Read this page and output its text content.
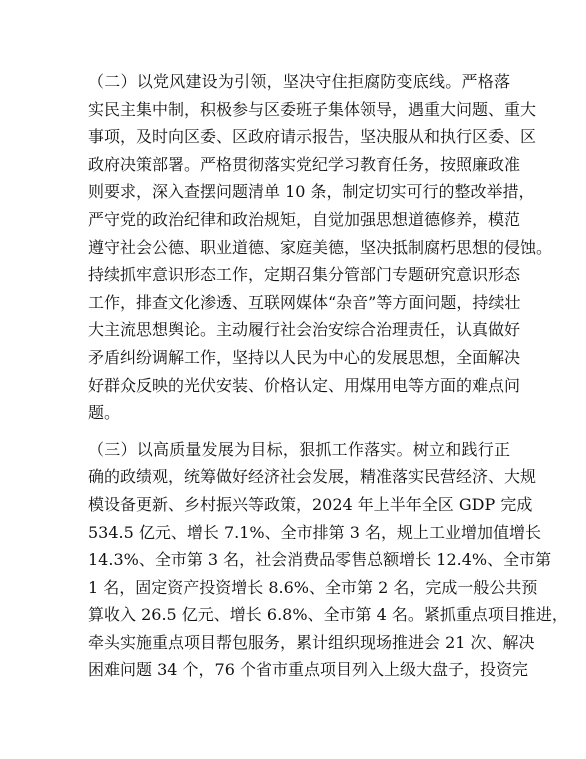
（二）以党风建设为引领，坚决守住拒腐防变底线。严格落
实民主集中制，积极参与区委班子集体领导，遇重大问题、重大
事项，及时向区委、区政府请示报告，坚决服从和执行区委、区
政府决策部署。严格贯彻落实党纪学习教育任务，按照廉政准
则要求，深入查摆问题清单 10 条，制定切实可行的整改举措，
严守党的政治纪律和政治规矩，自觉加强思想道德修养，模范
遵守社会公德、职业道德、家庭美德，坚决抵制腐朽思想的侵蚀。
持续抓牢意识形态工作，定期召集分管部门专题研究意识形态
工作，排查文化渗透、互联网媒体“杂音”等方面问题，持续壮
大主流思想舆论。主动履行社会治安综合治理责任，认真做好
矛盾纠纷调解工作，坚持以人民为中心的发展思想，全面解决
好群众反映的光伏安装、价格认定、用煤用电等方面的难点问
题。
（三）以高质量发展为目标，狠抓工作落实。树立和践行正
确的政绩观，统筹做好经济社会发展，精准落实民营经济、大规
模设备更新、乡村振兴等政策，2024 年上半年全区 GDP 完成
534.5 亿元、增长 7.1%、全市排第 3 名，规上工业增加值增长
14.3%、全市第 3 名，社会消费品零售总额增长 12.4%、全市第
1 名，固定资产投资增长 8.6%、全市第 2 名，完成一般公共预
算收入 26.5 亿元、增长 6.8%、全市第 4 名。紧抓重点项目推进，
牵头实施重点项目帮包服务，累计组织现场推进会 21 次、解决
困难问题 34 个，76 个省市重点项目列入上级大盘子，投资完
